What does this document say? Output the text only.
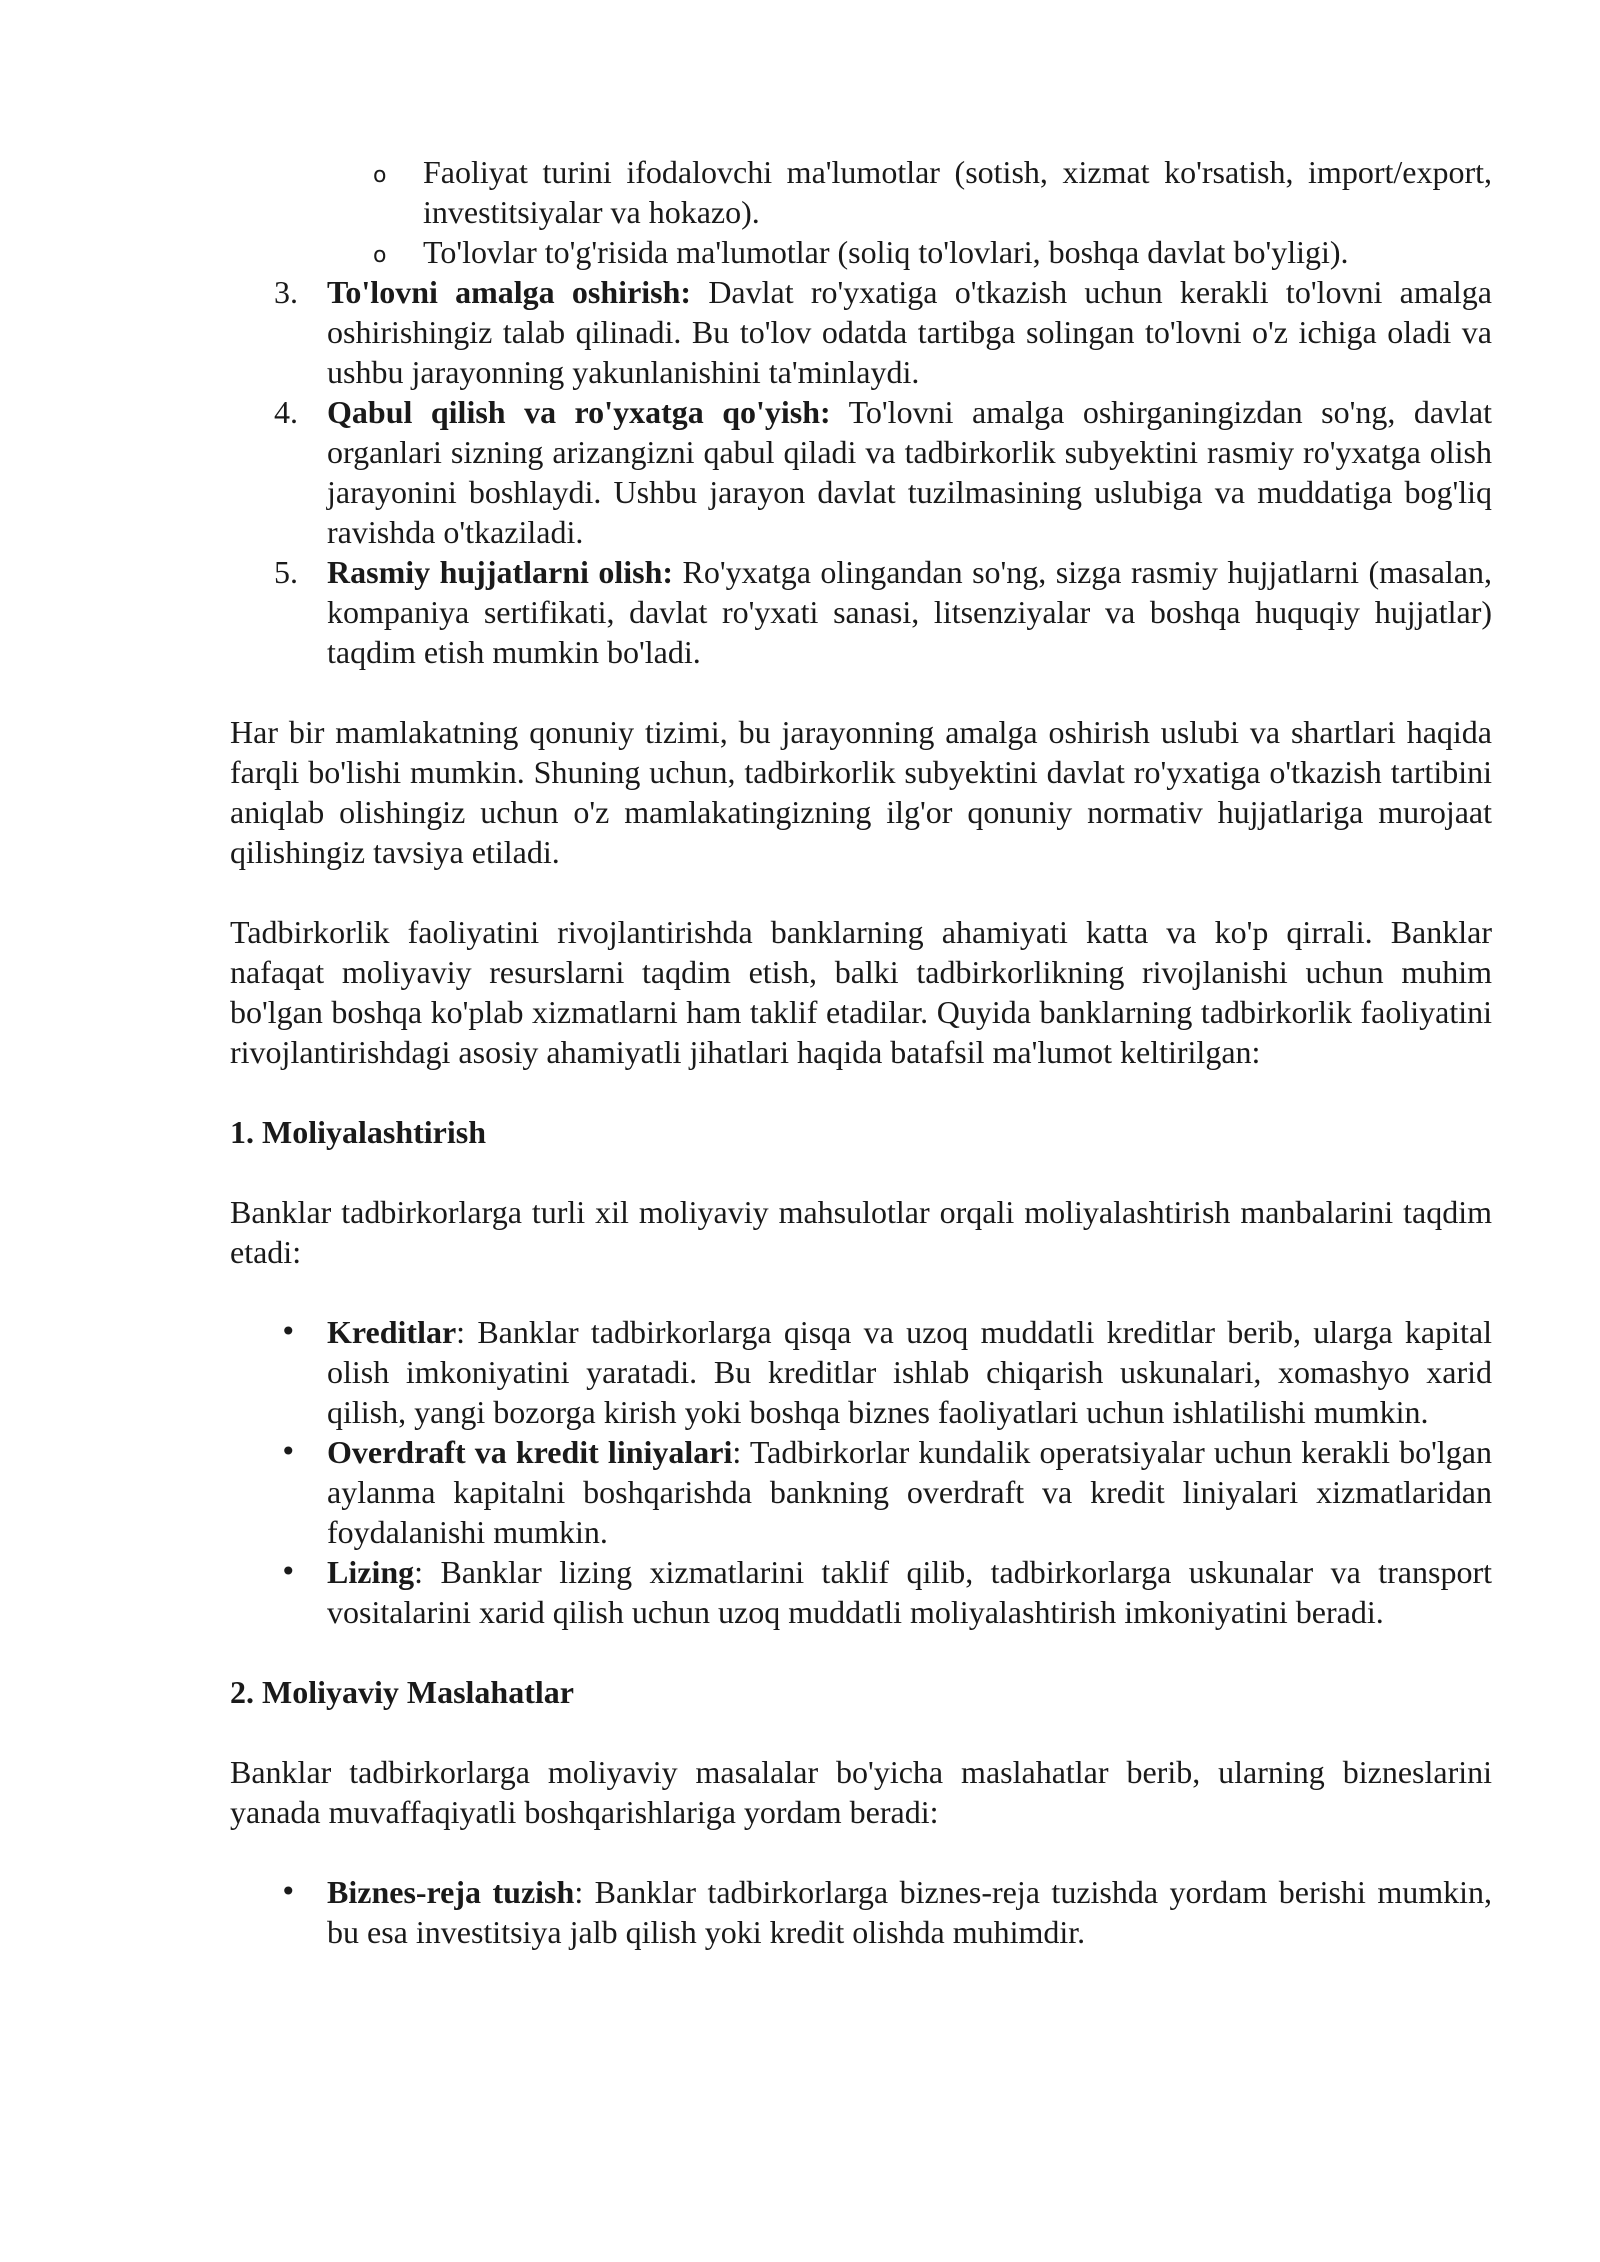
o Faoliyat turini ifodalovchi ma'lumotlar (sotish, xizmat ko'rsatish, import/export, investitsiyalar va hokazo).
o To'lovlar to'g'risida ma'lumotlar (soliq to'lovlari, boshqa davlat bo'yligi).
3. To'lovni amalga oshirish: Davlat ro'yxatiga o'tkazish uchun kerakli to'lovni amalga oshirishingiz talab qilinadi. Bu to'lov odatda tartibga solingan to'lovni o'z ichiga oladi va ushbu jarayonning yakunlanishini ta'minlaydi.
4. Qabul qilish va ro'yxatga qo'yish: To'lovni amalga oshirganingizdan so'ng, davlat organlari sizning arizangizni qabul qiladi va tadbirkorlik subyektini rasmiy ro'yxatga olish jarayonini boshlaydi. Ushbu jarayon davlat tuzilmasining uslubiga va muddatiga bog'liq ravishda o'tkaziladi.
5. Rasmiy hujjatlarni olish: Ro'yxatga olingandan so'ng, sizga rasmiy hujjatlarni (masalan, kompaniya sertifikati, davlat ro'yxati sanasi, litsenziyalar va boshqa huquqiy hujjatlar) taqdim etish mumkin bo'ladi.

Har bir mamlakatning qonuniy tizimi, bu jarayonning amalga oshirish uslubi va shartlari haqida farqli bo'lishi mumkin. Shuning uchun, tadbirkorlik subyektini davlat ro'yxatiga o'tkazish tartibini aniqlab olishingiz uchun o'z mamlakatingizning ilg'or qonuniy normativ hujjatlariga murojaat qilishingiz tavsiya etiladi.

Tadbirkorlik faoliyatini rivojlantirishda banklarning ahamiyati katta va ko'p qirrali. Banklar nafaqat moliyaviy resurslarni taqdim etish, balki tadbirkorlikning rivojlanishi uchun muhim bo'lgan boshqa ko'plab xizmatlarni ham taklif etadilar. Quyida banklarning tadbirkorlik faoliyatini rivojlantirishdagi asosiy ahamiyatli jihatlari haqida batafsil ma'lumot keltirilgan:

1. Moliyalashtirish

Banklar tadbirkorlarga turli xil moliyaviy mahsulotlar orqali moliyalashtirish manbalarini taqdim etadi:

• Kreditlar: Banklar tadbirkorlarga qisqa va uzoq muddatli kreditlar berib, ularga kapital olish imkoniyatini yaratadi. Bu kreditlar ishlab chiqarish uskunalari, xomashyo xarid qilish, yangi bozorga kirish yoki boshqa biznes faoliyatlari uchun ishlatilishi mumkin.
• Overdraft va kredit liniyalari: Tadbirkorlar kundalik operatsiyalar uchun kerakli bo'lgan aylanma kapitalni boshqarishda bankning overdraft va kredit liniyalari xizmatlaridan foydalanishi mumkin.
• Lizing: Banklar lizing xizmatlarini taklif qilib, tadbirkorlarga uskunalar va transport vositalarini xarid qilish uchun uzoq muddatli moliyalashtirish imkoniyatini beradi.

2. Moliyaviy Maslahatlar

Banklar tadbirkorlarga moliyaviy masalalar bo'yicha maslahatlar berib, ularning bizneslarini yanada muvaffaqiyatli boshqarishlariga yordam beradi:

• Biznes-reja tuzish: Banklar tadbirkorlarga biznes-reja tuzishda yordam berishi mumkin, bu esa investitsiya jalb qilish yoki kredit olishda muhimdir.
